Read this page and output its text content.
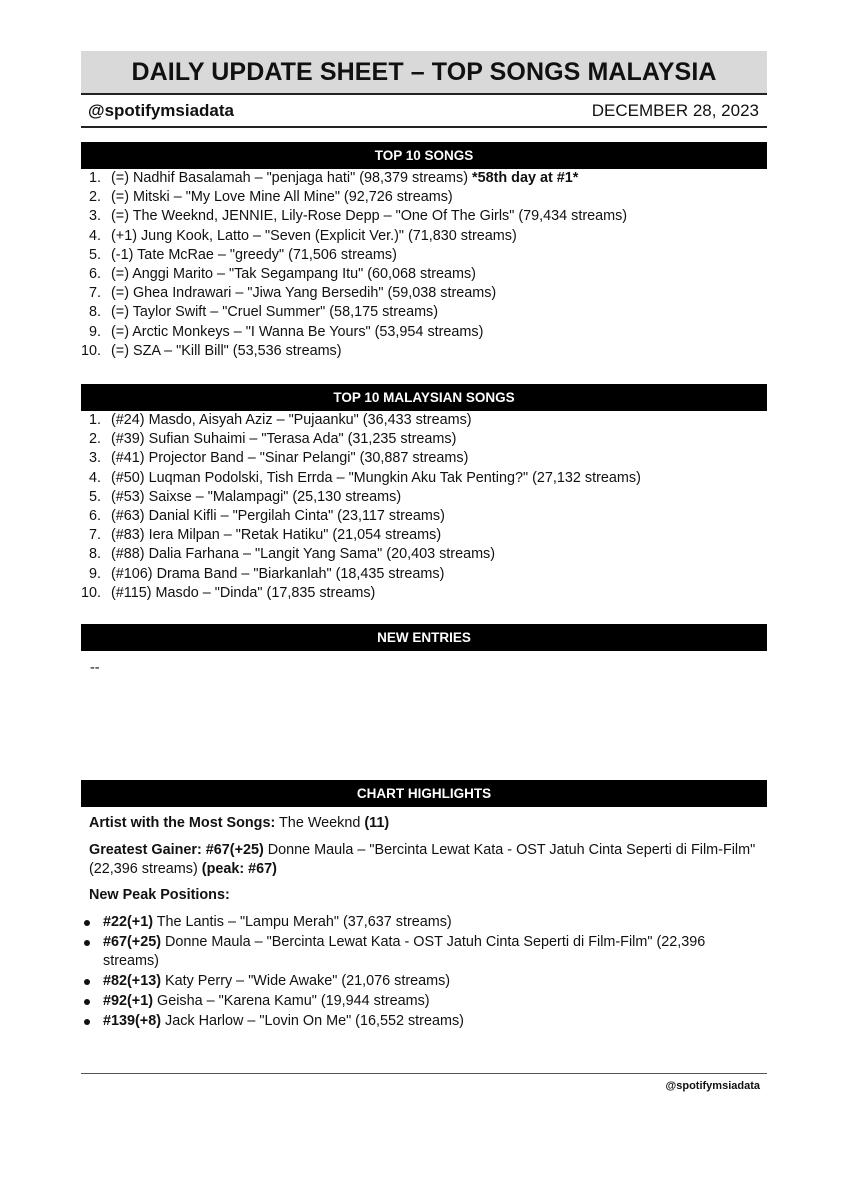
DAILY UPDATE SHEET – TOP SONGS MALAYSIA
@spotifymsiadata	DECEMBER 28, 2023
TOP 10 SONGS
1. (=) Nadhif Basalamah – "penjaga hati" (98,379 streams) *58th day at #1*
2. (=) Mitski – "My Love Mine All Mine" (92,726 streams)
3. (=) The Weeknd, JENNIE, Lily-Rose Depp – "One Of The Girls" (79,434 streams)
4. (+1) Jung Kook, Latto – "Seven (Explicit Ver.)" (71,830 streams)
5. (-1) Tate McRae – "greedy" (71,506 streams)
6. (=) Anggi Marito – "Tak Segampang Itu" (60,068 streams)
7. (=) Ghea Indrawari – "Jiwa Yang Bersedih" (59,038 streams)
8. (=) Taylor Swift – "Cruel Summer" (58,175 streams)
9. (=) Arctic Monkeys – "I Wanna Be Yours" (53,954 streams)
10. (=) SZA – "Kill Bill" (53,536 streams)
TOP 10 MALAYSIAN SONGS
1. (#24) Masdo, Aisyah Aziz – "Pujaanku" (36,433 streams)
2. (#39) Sufian Suhaimi – "Terasa Ada" (31,235 streams)
3. (#41) Projector Band – "Sinar Pelangi" (30,887 streams)
4. (#50) Luqman Podolski, Tish Errda – "Mungkin Aku Tak Penting?" (27,132 streams)
5. (#53) Saixse – "Malampagi" (25,130 streams)
6. (#63) Danial Kifli – "Pergilah Cinta" (23,117 streams)
7. (#83) Iera Milpan – "Retak Hatiku" (21,054 streams)
8. (#88) Dalia Farhana – "Langit Yang Sama" (20,403 streams)
9. (#106) Drama Band – "Biarkanlah" (18,435 streams)
10. (#115) Masdo – "Dinda" (17,835 streams)
NEW ENTRIES
--
CHART HIGHLIGHTS

Artist with the Most Songs: The Weeknd (11)

Greatest Gainer: #67(+25) Donne Maula – "Bercinta Lewat Kata - OST Jatuh Cinta Seperti di Film-Film" (22,396 streams) (peak: #67)

New Peak Positions:

#22(+1) The Lantis – "Lampu Merah" (37,637 streams)
#67(+25) Donne Maula – "Bercinta Lewat Kata - OST Jatuh Cinta Seperti di Film-Film" (22,396 streams)
#82(+13) Katy Perry – "Wide Awake" (21,076 streams)
#92(+1) Geisha – "Karena Kamu" (19,944 streams)
#139(+8) Jack Harlow – "Lovin On Me" (16,552 streams)
@spotifymsiadata
